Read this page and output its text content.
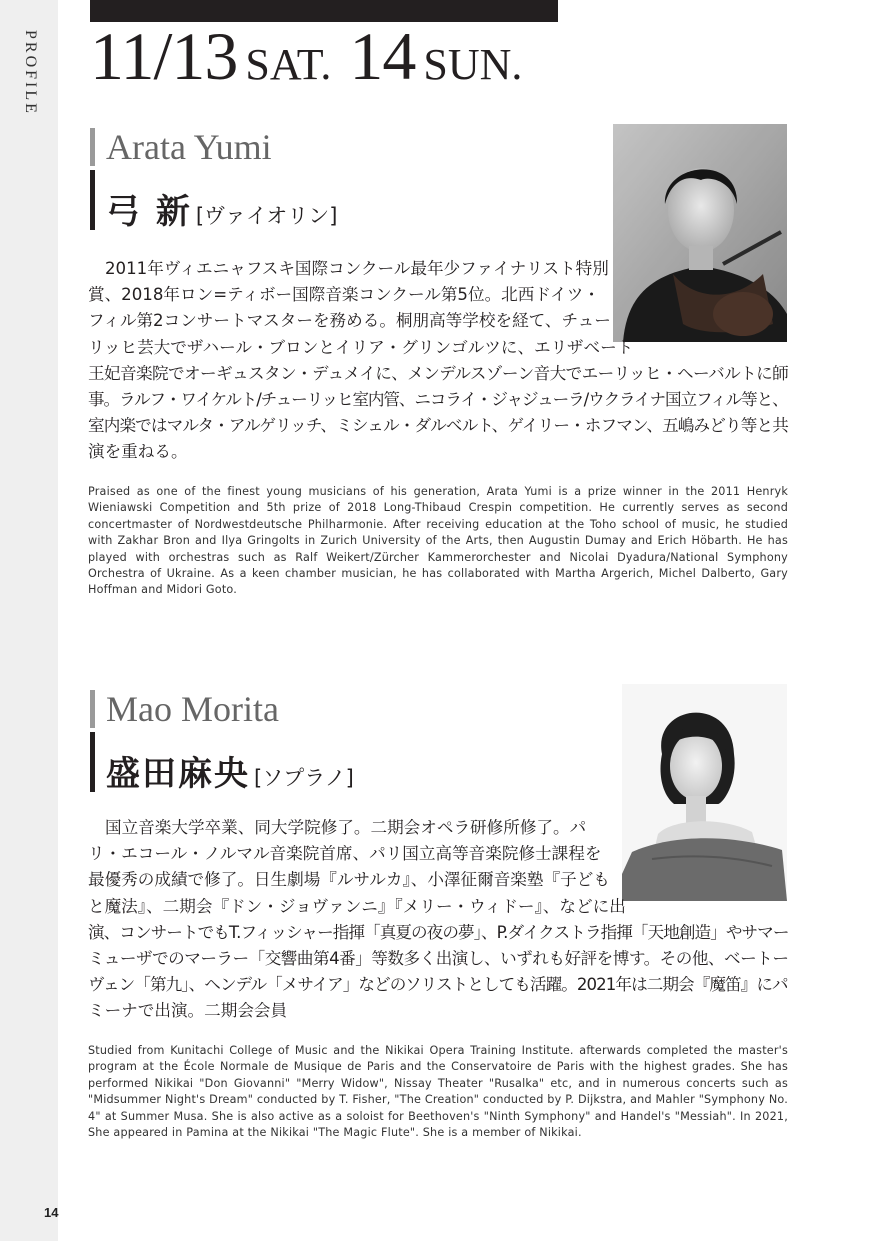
PROFILE
14
11/13 SAT. 14 SUN.
Arata Yumi
弓 新 [ヴァイオリン]
2011年ヴィエニャフスキ国際コンクール最年少ファイナリスト特別
賞、2018年ロン=ティボー国際音楽コンクール第5位。北西ドイツ・
フィル第2コンサートマスターを務める。桐朋高等学校を経て、チュー
リッヒ芸大でザハール・ブロンとイリア・グリンゴルツに、エリザベート
王妃音楽院でオーギュスタン・デュメイに、メンデルスゾーン音大でエーリッヒ・ヘーバルトに師
事。ラルフ・ワイケルト/チューリッヒ室内管、ニコライ・ジャジューラ/ウクライナ国立フィル等と、
室内楽ではマルタ・アルゲリッチ、ミシェル・ダルベルト、ゲイリー・ホフマン、五嶋みどり等と共
演を重ねる。
Praised as one of the finest young musicians of his generation, Arata Yumi is a prize winner in the 2011 Henryk Wieniawski Competition and 5th prize of 2018 Long-Thibaud Crespin competition. He currently serves as second concertmaster of Nordwestdeutsche Philharmonie. After receiving education at the Toho school of music, he studied with Zakhar Bron and Ilya Gringolts in Zurich University of the Arts, then Augustin Dumay and Erich Höbarth. He has played with orchestras such as Ralf Weikert/Zürcher Kammerorchester and Nicolai Dyadura/National Symphony Orchestra of Ukraine. As a keen chamber musician, he has collaborated with Martha Argerich, Michel Dalberto, Gary Hoffman and Midori Goto.
Mao Morita
盛田麻央 [ソプラノ]
国立音楽大学卒業、同大学院修了。二期会オペラ研修所修了。パ
リ・エコール・ノルマル音楽院首席、パリ国立高等音楽院修士課程を
最優秀の成績で修了。日生劇場『ルサルカ』、小澤征爾音楽塾『子ども
と魔法』、二期会『ドン・ジョヴァンニ』『メリー・ウィドー』、などに出
演、コンサートでもT.フィッシャー指揮「真夏の夜の夢」、P.ダイクストラ指揮「天地創造」やサマー
ミューザでのマーラー「交響曲第4番」等数多く出演し、いずれも好評を博す。その他、ベートー
ヴェン「第九」、ヘンデル「メサイア」などのソリストとしても活躍。2021年は二期会『魔笛』にパ
ミーナで出演。二期会会員
Studied from Kunitachi College of Music and the Nikikai Opera Training Institute. afterwards completed the master's program at the École Normale de Musique de Paris and the Conservatoire de Paris with the highest grades. She has performed Nikikai "Don Giovanni" "Merry Widow", Nissay Theater "Rusalka" etc, and in numerous concerts such as "Midsummer Night's Dream" conducted by T. Fisher, "The Creation" conducted by P. Dijkstra, and Mahler "Symphony No. 4" at Summer Musa. She is also active as a soloist for Beethoven's "Ninth Symphony" and Handel's "Messiah". In 2021, She appeared in Pamina at the Nikikai "The Magic Flute". She is a member of Nikikai.
